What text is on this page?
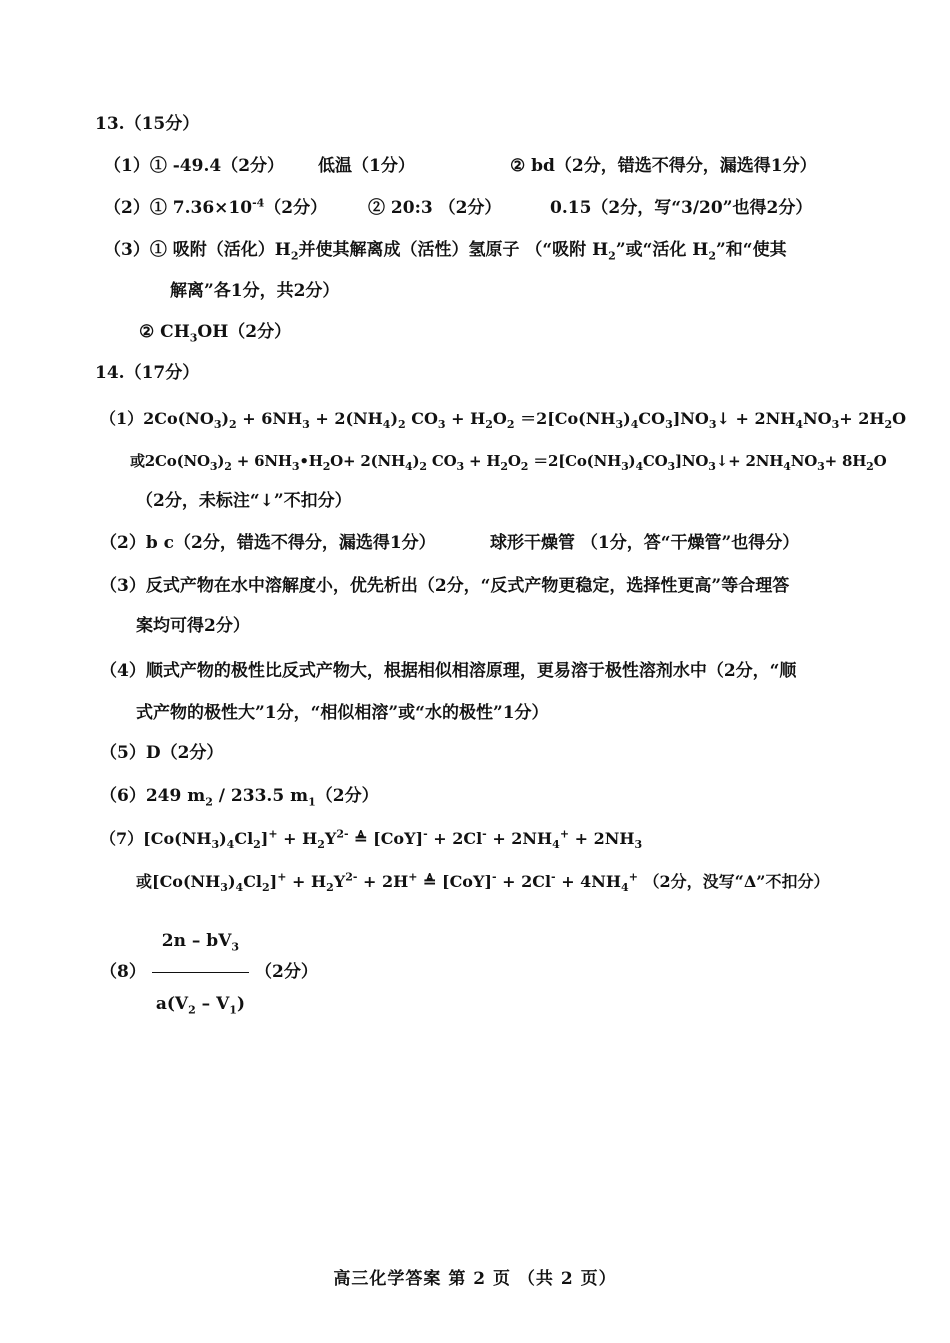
13.（15分）
（1）① -49.4（2分） 低温（1分）	② bd（2分，错选不得分，漏选得1分）
（2）① $7.36\times 10^{-4}(2$分） ② 20:3 （2分）	0.15（2分，写“3/20”也得2分）
（3）① 吸附（活化）$H_2$并使其解离成（活性）氢原子 （“吸附 $H_2$”或“活化 $H_2$”和“使其
解离”各1分，共2分）
② $CH_3OH(2$分）
14.（17分）
$(1)2Co(NO_3)_2 + 6NH_3 + 2(NH_4)_2$ $CO_3 + H_2O_2$ $=2[Co(NH_3)_4CO_3]NO_3↓ + 2NH_4NO_3+ 2H_2O$
或$2Co(NO_3)_2$ + $6NH_3•H_2O+ 2(NH_4)_2$ $CO_3 + H_2O_2$ $=2[Co(NH_3)_4CO_3]NO_3↓+ 2NH_4NO_3+ 8H_2O$
（2分，未标注“↓”不扣分）
（2）b c（2分，错选不得分，漏选得1分）	球形干燥管 （1分，答“干燥管”也得分）
（3）反式产物在水中溶解度小，优先析出（2分，“反式产物更稳定，选择性更高”等合理答
案均可得2分）
（4）顺式产物的极性比反式产物大，根据相似相溶原理，更易溶于极性溶剂水中（2分，“顺
式产物的极性大”1分，“相似相溶”或“水的极性”1分）
（5）D（2分）
（6）249 $m_2 / 233.5$ $m_1(2$分）
$(7)[Co(NH_3)_4Cl_2]^+ + H_2Y^{2-}$ ≜ $[CoY]^- + 2Cl^- + 2NH_4^+ + 2NH_3$
或$[Co(NH_3)_4Cl_2]^+ + H_2Y^{2-} + 2H^+$ ≜ $[CoY]^- + 2Cl^- + 4NH_4^+$ （2分，没写“Δ”不扣分）
$(8) \frac{2n - bV_3}{a(V_2 - V_1)} (2$分）
高三化学答案 第 2 页 （共 2 页）
